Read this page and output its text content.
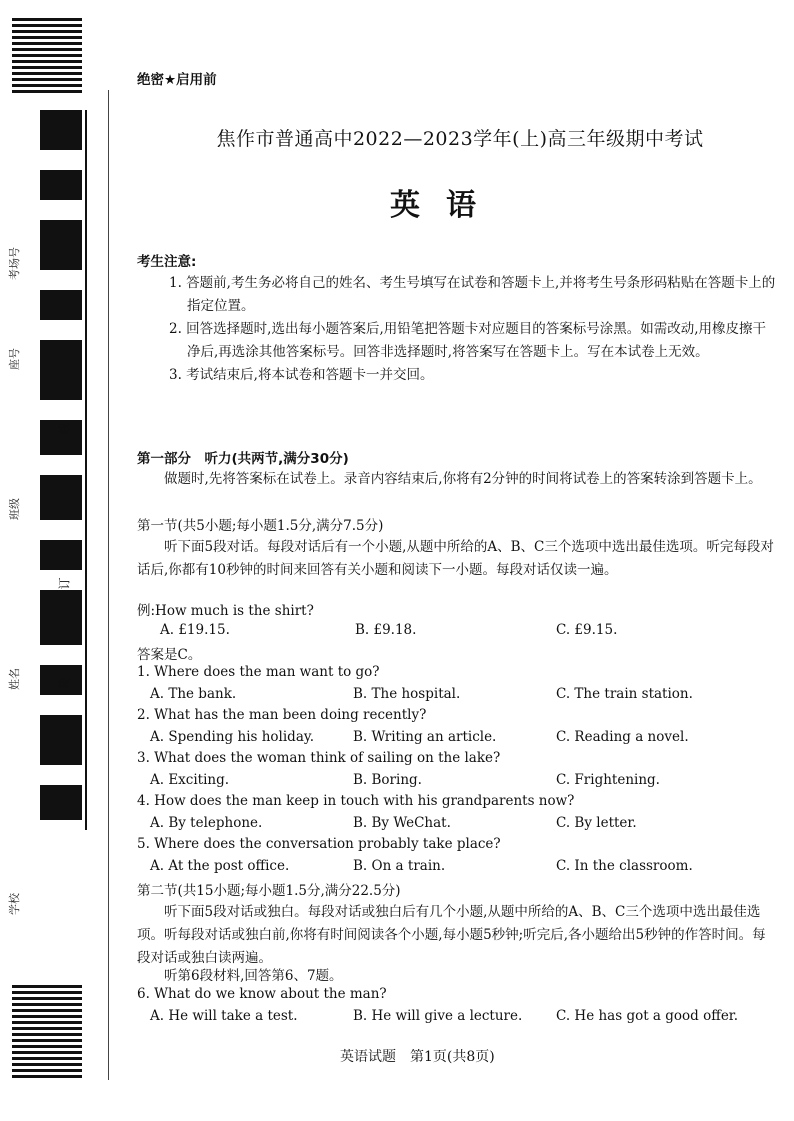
线
订
装
考场号
座号
班级
姓名
学校
绝密★启用前
焦作市普通高中2022—2023学年(上)高三年级期中考试
英语
考生注意:

1. 答题前,考生务必将自己的姓名、考生号填写在试卷和答题卡上,并将考生号条形码粘贴在答题卡上的指定位置。

2. 回答选择题时,选出每小题答案后,用铅笔把答题卡对应题目的答案标号涂黑。如需改动,用橡皮擦干净后,再选涂其他答案标号。回答非选择题时,将答案写在答题卡上。写在本试卷上无效。

3. 考试结束后,将本试卷和答题卡一并交回。

第一部分　听力(共两节,满分30分)
做题时,先将答案标在试卷上。录音内容结束后,你将有2分钟的时间将试卷上的答案转涂到答题卡上。
第一节(共5小题;每小题1.5分,满分7.5分)
听下面5段对话。每段对话后有一个小题,从题中所给的A、B、C三个选项中选出最佳选项。听完每段对话后,你都有10秒钟的时间来回答有关小题和阅读下一小题。每段对话仅读一遍。
例:How much is the shirt?
A. £19.15.	B. £9.18.	C. £9.15.
答案是C。
1. Where does the man want to go?
A. The bank.	B. The hospital.	C. The train station.
2. What has the man been doing recently?
A. Spending his holiday.	B. Writing an article.	C. Reading a novel.
3. What does the woman think of sailing on the lake?
A. Exciting.	B. Boring.	C. Frightening.
4. How does the man keep in touch with his grandparents now?
A. By telephone.	B. By WeChat.	C. By letter.
5. Where does the conversation probably take place?
A. At the post office.	B. On a train.	C. In the classroom.
第二节(共15小题;每小题1.5分,满分22.5分)
听下面5段对话或独白。每段对话或独白后有几个小题,从题中所给的A、B、C三个选项中选出最佳选项。听每段对话或独白前,你将有时间阅读各个小题,每小题5秒钟;听完后,各小题给出5秒钟的作答时间。每段对话或独白读两遍。
听第6段材料,回答第6、7题。
6. What do we know about the man?
A. He will take a test.	B. He will give a lecture. C. He has got a good offer.
英语试题　第1页(共8页)
